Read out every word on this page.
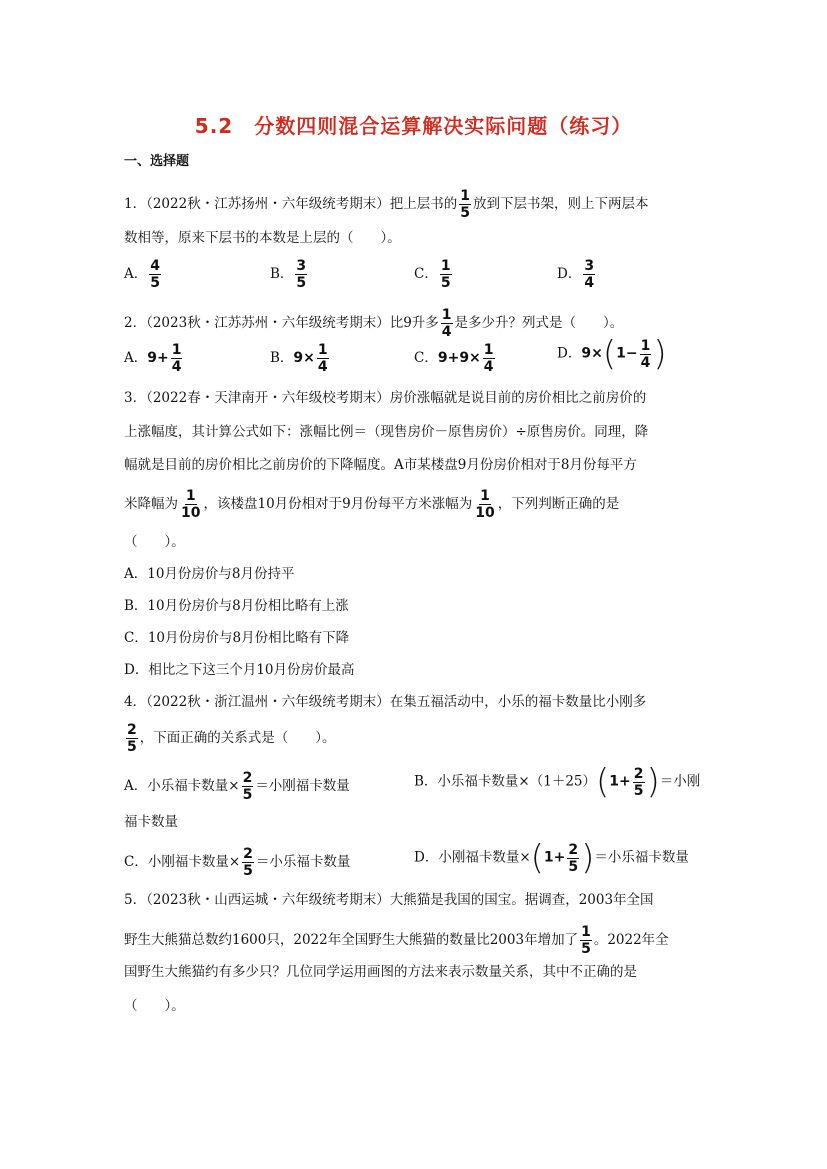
5.2　分数四则混合运算解决实际问题（练习）
一、选择题
1．（2022秋・江苏扬州・六年级统考期末）把上层书的 $\frac{1}{5}$ 放到下层书架，则上下两层本
数相等，原来下层书的本数是上层的（　　）。
A． $\frac{4}{5}$	B． $\frac{3}{5}$	C． $\frac{1}{5}$	D． $\frac{3}{4}$
2．（2023秋・江苏苏州・六年级统考期末）比9升多 $\frac{1}{4}$ 是多少升？列式是（　　）。
A．$9+ \frac{1}{4}$	B．$9\times \frac{1}{4}$	C．$9+9\times \frac{1}{4}$	D．$9\times(1- \frac{1}{4}$ )
3．（2022春・天津南开・六年级校考期末）房价涨幅就是说目前的房价相比之前房价的
上涨幅度，其计算公式如下：涨幅比例＝（现售房价－原售房价）÷原售房价。同理，降
幅就是目前的房价相比之前房价的下降幅度。A市某楼盘9月份房价相对于8月份每平方
米降幅为 $\frac{1}{10}$ ，该楼盘10月份相对于9月份每平方米涨幅为 $\frac{1}{10}$ ，下列判断正确的是
（　　）。
A．10月份房价与8月份持平
B．10月份房价与8月份相比略有上涨
C．10月份房价与8月份相比略有下降
D．相比之下这三个月10月份房价最高
4．（2022秋・浙江温州・六年级统考期末）在集五福活动中，小乐的福卡数量比小刚多
$\frac{2}{5}$ ，下面正确的关系式是（　　）。
A．小乐福卡数量× $\frac{2}{5}$ ＝小刚福卡数量	B．小乐福卡数量$\times(1+25)(1+ \frac{2}{5}$ )＝小刚
福卡数量
C．小刚福卡数量× $\frac{2}{5}$ ＝小乐福卡数量	D．小刚福卡数量$\times(1+ \frac{2}{5}$ )＝小乐福卡数量
5．（2023秋・山西运城・六年级统考期末）大熊猫是我国的国宝。据调查，2003年全国
野生大熊猫总数约1600只，2022年全国野生大熊猫的数量比2003年增加了 $\frac{1}{5}$ 。2022年全
国野生大熊猫约有多少只？几位同学运用画图的方法来表示数量关系，其中不正确的是
（　　）。
